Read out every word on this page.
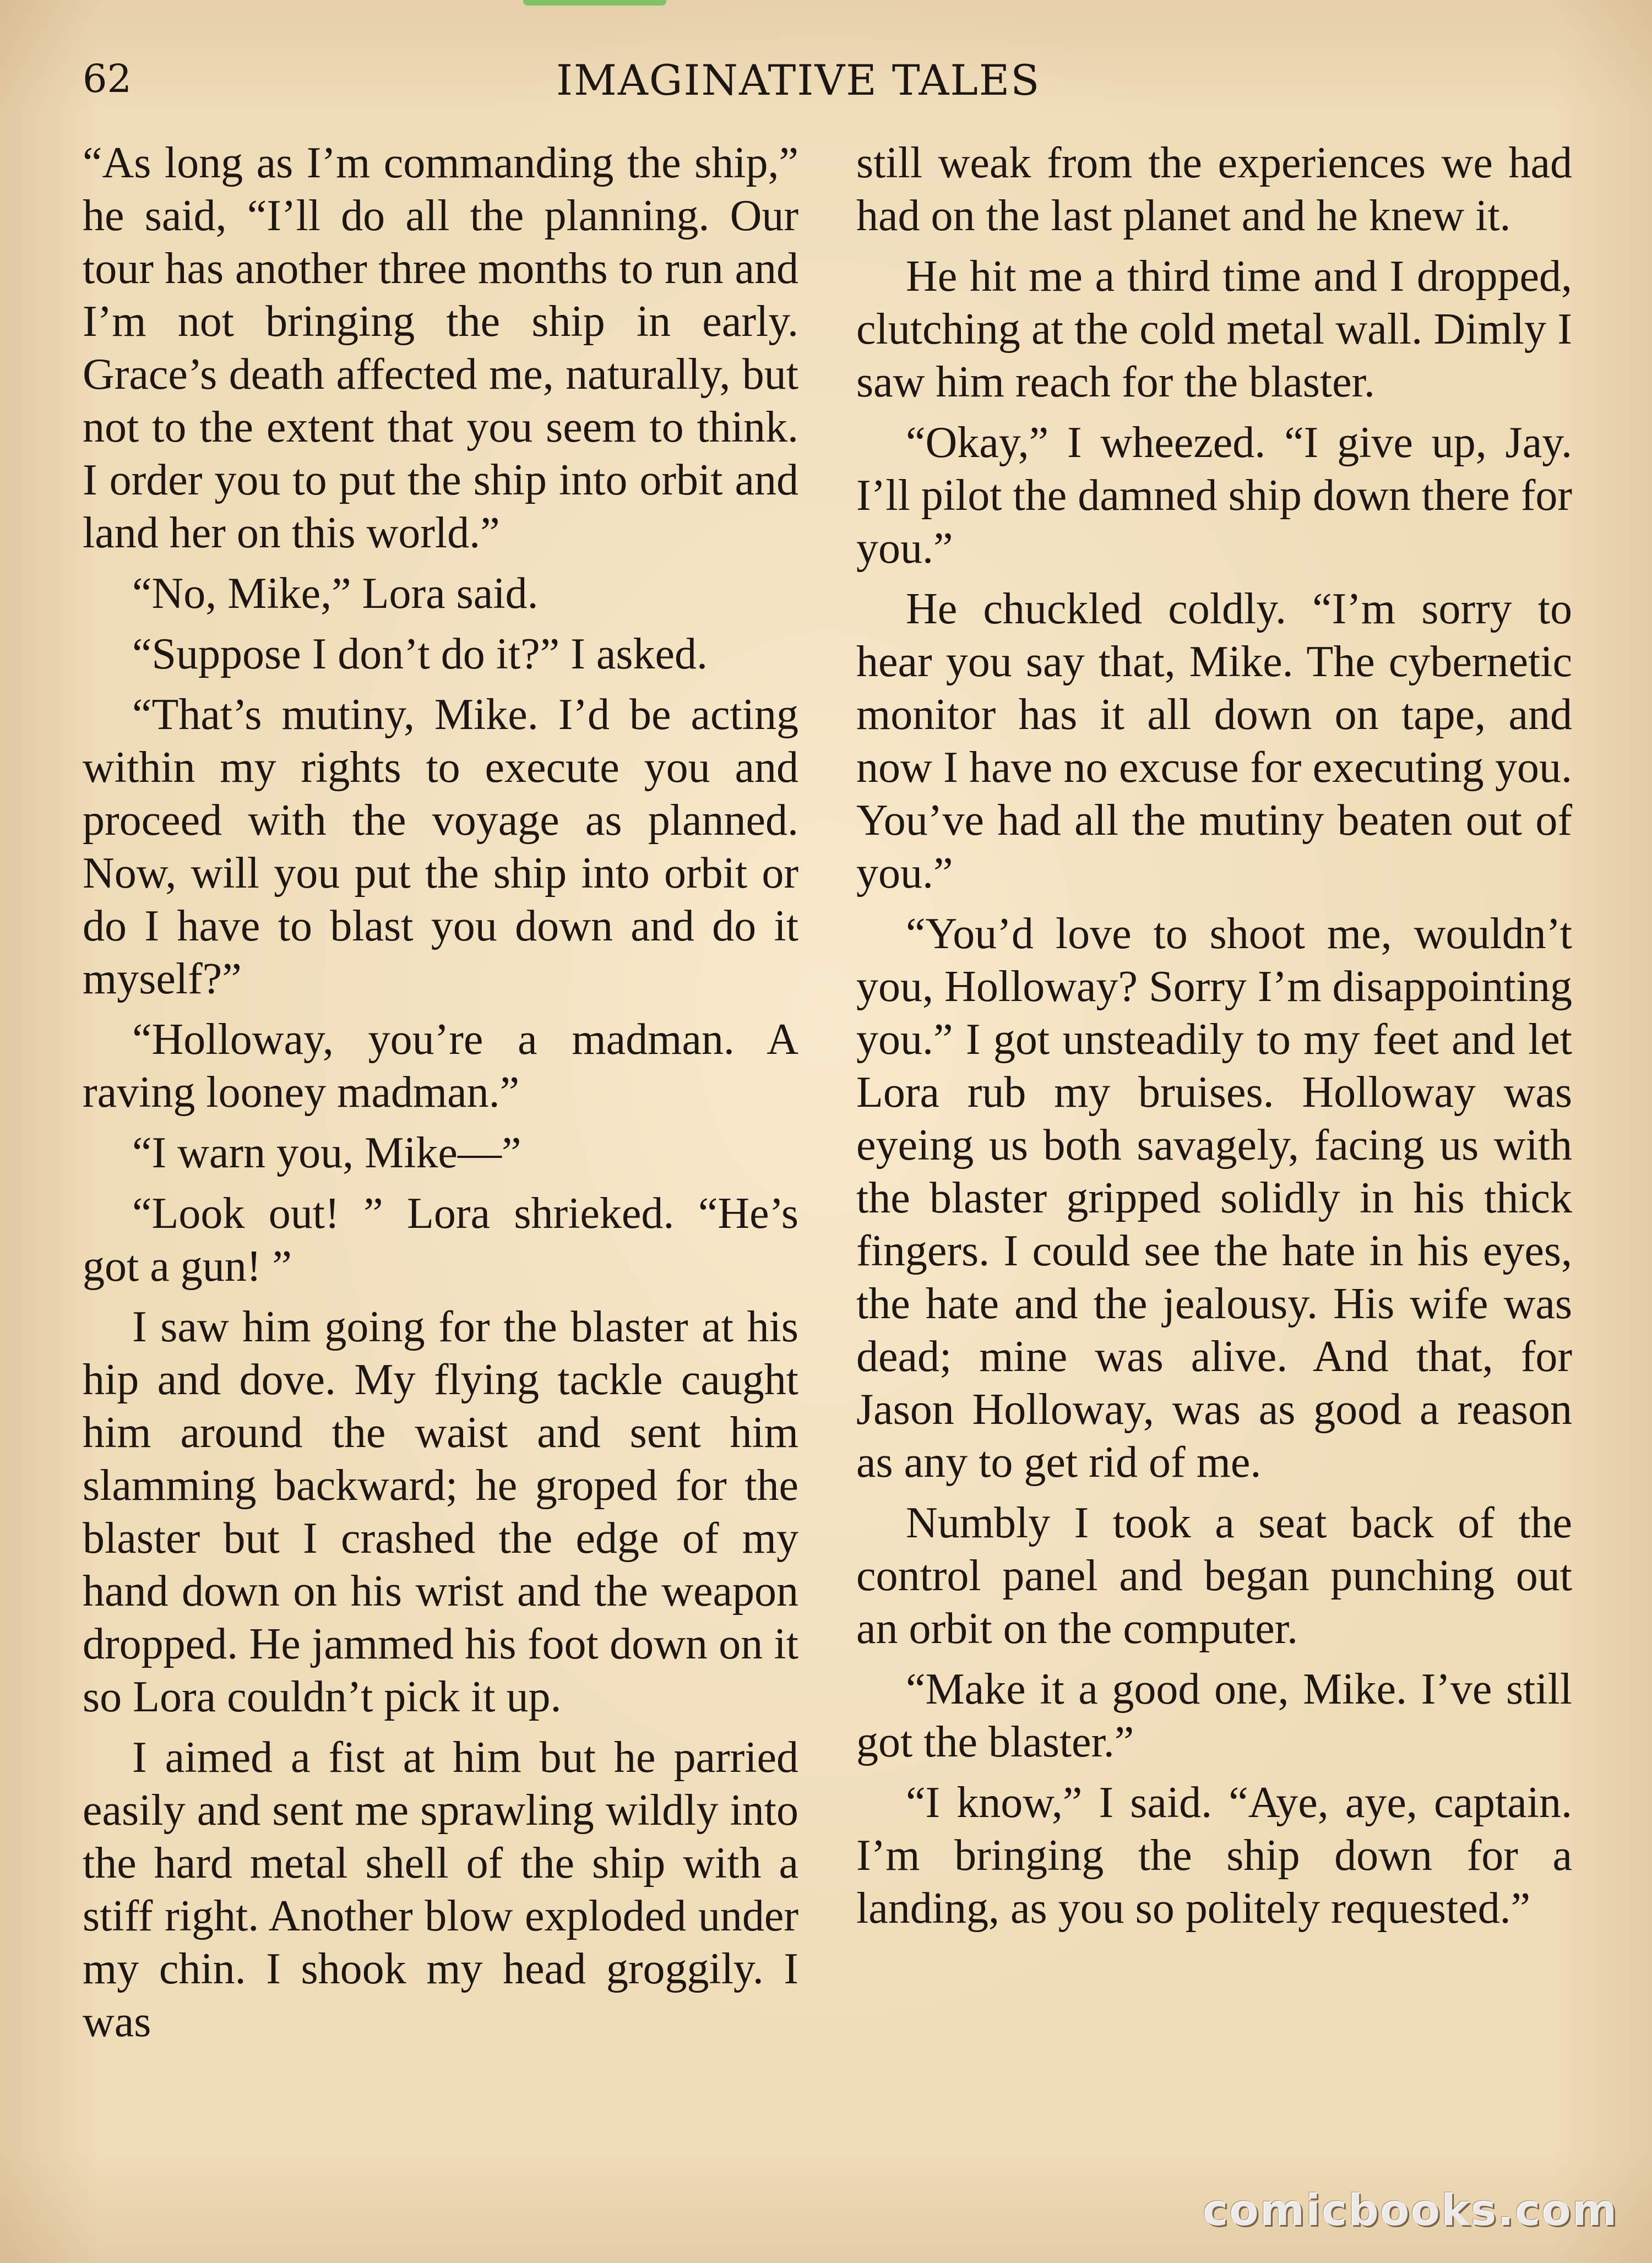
62	IMAGINATIVE TALES

“As long as I’m commanding the ship,” he said, “I’ll do all the planning. Our tour has another three months to run and I’m not bringing the ship in early. Grace’s death affected me, naturally, but not to the extent that you seem to think. I order you to put the ship into orbit and land her on this world.”

“No, Mike,” Lora said.

“Suppose I don’t do it?” I asked.

“That’s mutiny, Mike. I’d be acting within my rights to execute you and proceed with the voyage as planned. Now, will you put the ship into orbit or do I have to blast you down and do it myself?”

“Holloway, you’re a madman. A raving looney madman.”

“I warn you, Mike—”

“Look out! ” Lora shrieked. “He’s got a gun! ”

I saw him going for the blaster at his hip and dove. My flying tackle caught him around the waist and sent him slamming backward; he groped for the blaster but I crashed the edge of my hand down on his wrist and the weapon dropped. He jammed his foot down on it so Lora couldn’t pick it up.

I aimed a fist at him but he parried easily and sent me sprawling wildly into the hard metal shell of the ship with a stiff right. Another blow exploded under my chin. I shook my head groggily. I was

still weak from the experiences we had had on the last planet and he knew it.

He hit me a third time and I dropped, clutching at the cold metal wall. Dimly I saw him reach for the blaster.

“Okay,” I wheezed. “I give up, Jay. I’ll pilot the damned ship down there for you.”

He chuckled coldly. “I’m sorry to hear you say that, Mike. The cybernetic monitor has it all down on tape, and now I have no excuse for executing you. You’ve had all the mutiny beaten out of you.”

“You’d love to shoot me, wouldn’t you, Holloway? Sorry I’m disappointing you.” I got unsteadily to my feet and let Lora rub my bruises. Holloway was eyeing us both savagely, facing us with the blaster gripped solidly in his thick fingers. I could see the hate in his eyes, the hate and the jealousy. His wife was dead; mine was alive. And that, for Jason Holloway, was as good a reason as any to get rid of me.

Numbly I took a seat back of the control panel and began punching out an orbit on the computer.

“Make it a good one, Mike. I’ve still got the blaster.”

“I know,” I said. “Aye, aye, captain. I’m bringing the ship down for a landing, as you so politely requested.”

comicbooks.com
